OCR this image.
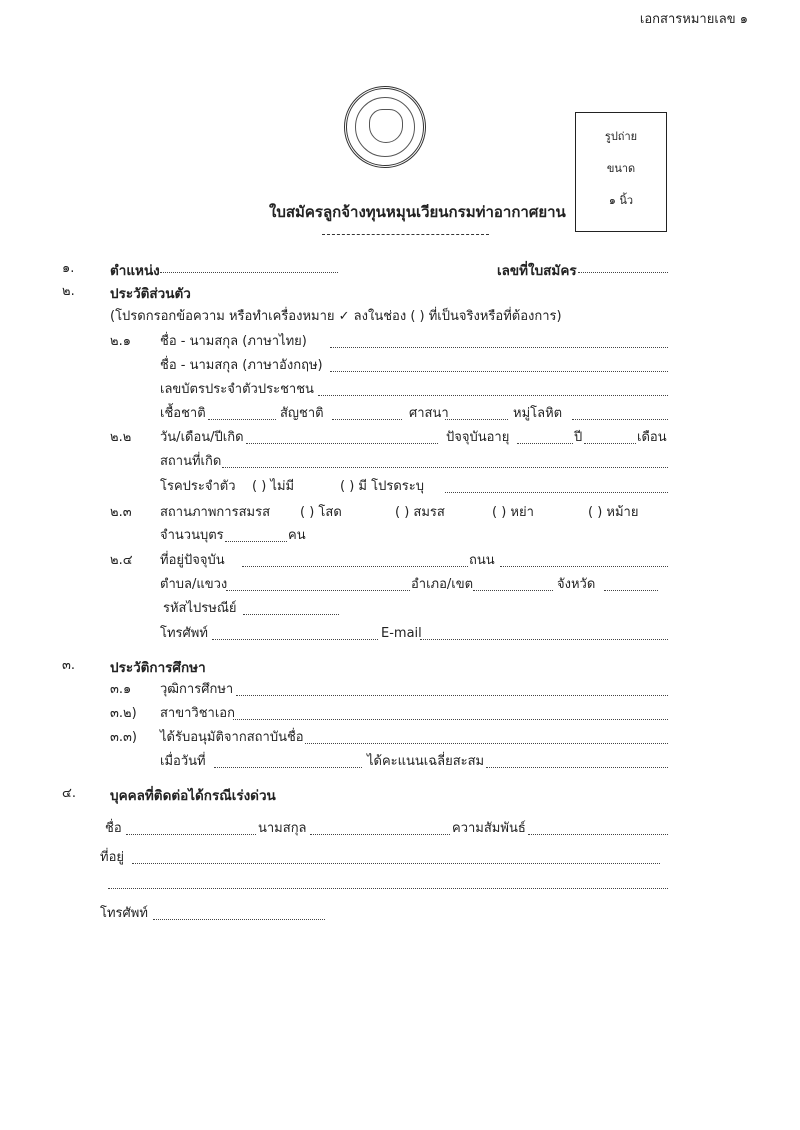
เอกสารหมายเลข ๑
รูปถ่าย
ขนาด
๑ นิ้ว
ใบสมัครลูกจ้างทุนหมุนเวียนกรมท่าอากาศยาน
๑.	ตำแหน่ง	เลขที่ใบสมัคร
๒.	ประวัติส่วนตัว
(โปรดกรอกข้อความ หรือทำเครื่องหมาย ✓ ลงในช่อง ( ) ที่เป็นจริงหรือที่ต้องการ)
๒.๑ ชื่อ - นามสกุล (ภาษาไทย)
ชื่อ - นามสกุล (ภาษาอังกฤษ)
เลขบัตรประจำตัวประชาชน
เชื้อชาติ	สัญชาติ	ศาสนา	หมู่โลหิต
๒.๒ วัน/เดือน/ปีเกิด	ปัจจุบันอายุ	ปี	เดือน
สถานที่เกิด
โรคประจำตัว ( ) ไม่มี	( ) มี โปรดระบุ
๒.๓ สถานภาพการสมรส ( ) โสด	( ) สมรส	( ) หย่า	( ) หม้าย
จำนวนบุตร	คน
๒.๔ ที่อยู่ปัจจุบัน	ถนน
ตำบล/แขวง	อำเภอ/เขต	จังหวัด
รหัสไปรษณีย์
โทรศัพท์	E-mail
๓.	ประวัติการศึกษา
๓.๑ วุฒิการศึกษา
๓.๒) สาขาวิชาเอก
๓.๓) ได้รับอนุมัติจากสถาบันชื่อ
เมื่อวันที่	ได้คะแนนเฉลี่ยสะสม
๔.	บุคคลที่ติดต่อได้กรณีเร่งด่วน
ชื่อ	นามสกุล	ความสัมพันธ์
ที่อยู่
โทรศัพท์
